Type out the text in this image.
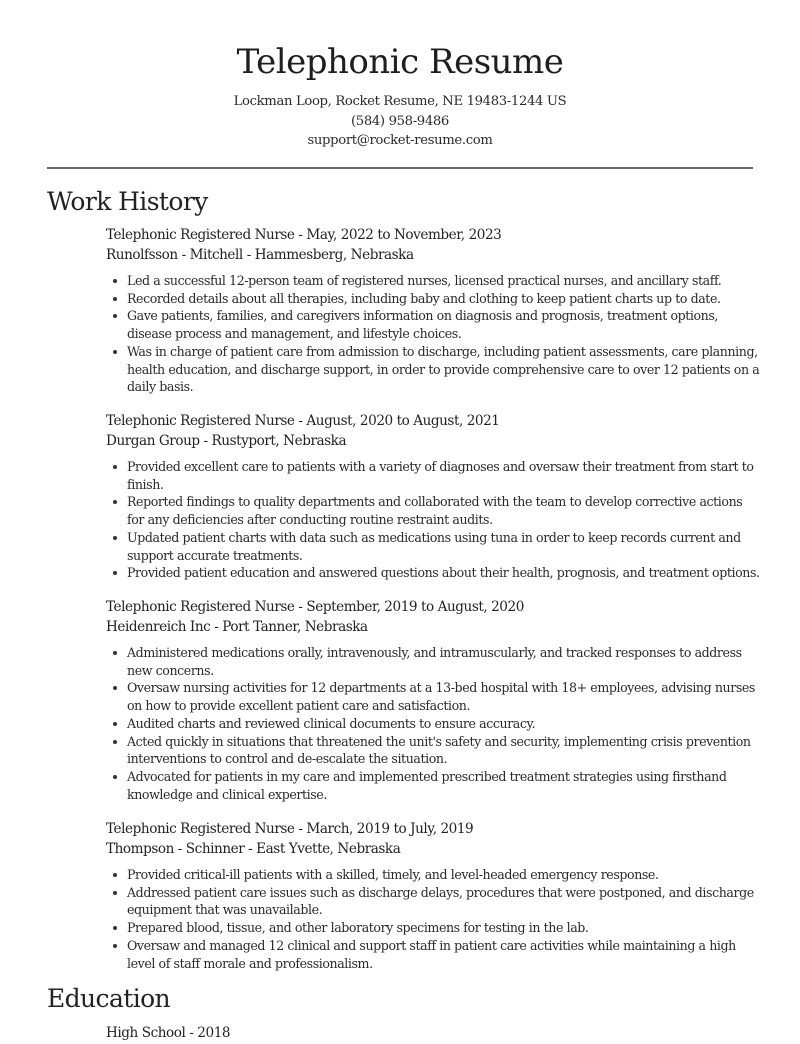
Telephonic Resume
Lockman Loop, Rocket Resume, NE 19483-1244 US
(584) 958-9486
support@rocket-resume.com
Work History
Telephonic Registered Nurse - May, 2022 to November, 2023
Runolfsson - Mitchell - Hammesberg, Nebraska
Led a successful 12-person team of registered nurses, licensed practical nurses, and ancillary staff.
Recorded details about all therapies, including baby and clothing to keep patient charts up to date.
Gave patients, families, and caregivers information on diagnosis and prognosis, treatment options, disease process and management, and lifestyle choices.
Was in charge of patient care from admission to discharge, including patient assessments, care planning, health education, and discharge support, in order to provide comprehensive care to over 12 patients on a daily basis.
Telephonic Registered Nurse - August, 2020 to August, 2021
Durgan Group - Rustyport, Nebraska
Provided excellent care to patients with a variety of diagnoses and oversaw their treatment from start to finish.
Reported findings to quality departments and collaborated with the team to develop corrective actions for any deficiencies after conducting routine restraint audits.
Updated patient charts with data such as medications using tuna in order to keep records current and support accurate treatments.
Provided patient education and answered questions about their health, prognosis, and treatment options.
Telephonic Registered Nurse - September, 2019 to August, 2020
Heidenreich Inc - Port Tanner, Nebraska
Administered medications orally, intravenously, and intramuscularly, and tracked responses to address new concerns.
Oversaw nursing activities for 12 departments at a 13-bed hospital with 18+ employees, advising nurses on how to provide excellent patient care and satisfaction.
Audited charts and reviewed clinical documents to ensure accuracy.
Acted quickly in situations that threatened the unit's safety and security, implementing crisis prevention interventions to control and de-escalate the situation.
Advocated for patients in my care and implemented prescribed treatment strategies using firsthand knowledge and clinical expertise.
Telephonic Registered Nurse - March, 2019 to July, 2019
Thompson - Schinner - East Yvette, Nebraska
Provided critical-ill patients with a skilled, timely, and level-headed emergency response.
Addressed patient care issues such as discharge delays, procedures that were postponed, and discharge equipment that was unavailable.
Prepared blood, tissue, and other laboratory specimens for testing in the lab.
Oversaw and managed 12 clinical and support staff in patient care activities while maintaining a high level of staff morale and professionalism.
Education
High School - 2018
